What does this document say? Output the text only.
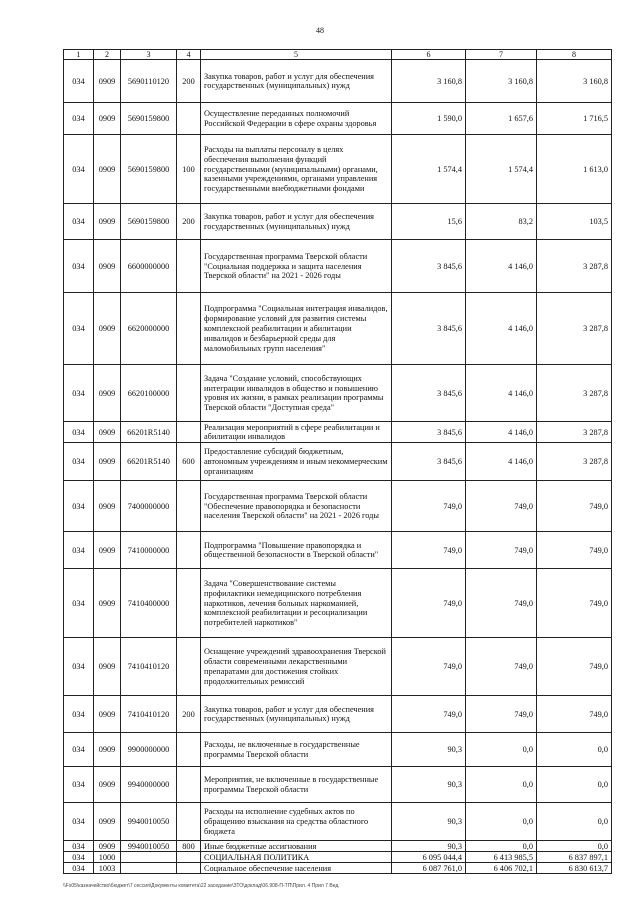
48
1	2	3	4	5	6	7	8
034	0909	5690110120	200	Закупка товаров, работ и услуг для обеспечения государственных (муниципальных) нужд	3 160,8	3 160,8	3 160,8
034	0909	5690159800		Осуществление переданных полномочий Российской Федерации в сфере охраны здоровья	1 590,0	1 657,6	1 716,5
034	0909	5690159800	100	Расходы на выплаты персоналу в целях обеспечения выполнения функций государственными (муниципальными) органами, казенными учреждениями, органами управления государственными внебюджетными фондами	1 574,4	1 574,4	1 613,0
034	0909	5690159800	200	Закупка товаров, работ и услуг для обеспечения государственных (муниципальных) нужд	15,6	83,2	103,5
034	0909	6600000000		Государственная программа Тверской области "Социальная поддержка и защита населения Тверской области" на 2021 - 2026 годы	3 845,6	4 146,0	3 287,8
034	0909	6620000000		Подпрограмма "Социальная интеграция инвалидов, формирование условий для развития системы комплексной реабилитации и абилитации инвалидов и безбарьерной среды для маломобильных групп населения"	3 845,6	4 146,0	3 287,8
034	0909	6620100000		Задача "Создание условий, способствующих интеграции инвалидов в общество и повышению уровня их жизни, в рамках реализации программы Тверской области "Доступная среда"	3 845,6	4 146,0	3 287,8
034	0909	66201R5140		Реализация мероприятий в сфере реабилитации и абилитации инвалидов	3 845,6	4 146,0	3 287,8
034	0909	66201R5140	600	Предоставление субсидий бюджетным, автономным учреждениям и иным некоммерческим организациям	3 845,6	4 146,0	3 287,8
034	0909	7400000000		Государственная программа Тверской области "Обеспечение правопорядка и безопасности населения Тверской области" на 2021 - 2026 годы	749,0	749,0	749,0
034	0909	7410000000		Подпрограмма "Повышение правопорядка и общественной безопасности в Тверской области"	749,0	749,0	749,0
034	0909	7410400000		Задача "Совершенствование системы профилактики немедицинского потребления наркотиков, лечения больных наркоманией, комплексной реабилитации и ресоциализации потребителей наркотиков"	749,0	749,0	749,0
034	0909	7410410120		Оснащение учреждений здравоохранения Тверской области современными лекарственными препаратами для достижения стойких продолжительных ремиссий	749,0	749,0	749,0
034	0909	7410410120	200	Закупка товаров, работ и услуг для обеспечения государственных (муниципальных) нужд	749,0	749,0	749,0
034	0909	9900000000		Расходы, не включенные в государственные программы Тверской области	90,3	0,0	0,0
034	0909	9940000000		Мероприятия, не включенные в государственные программы Тверской области	90,3	0,0	0,0
034	0909	9940010050		Расходы на исполнение судебных актов по обращению взыскания на средства областного бюджета	90,3	0,0	0,0
034	0909	9940010050	800	Иные бюджетные ассигнования	90,3	0,0	0,0
034	1000			СОЦИАЛЬНАЯ ПОЛИТИКА	6 095 044,4	6 413 985,5	6 837 897,1
034	1003			Социальное обеспечение населения	6 087 761,0	6 406 702,1	6 830 613,7
\\Fs05\казначейство\бюджет\7 сессия\Документы комитета\22 заседание\ЗТО\доклад\06.908-П-ТП\Прил. 4 Прил 7 Вед.
